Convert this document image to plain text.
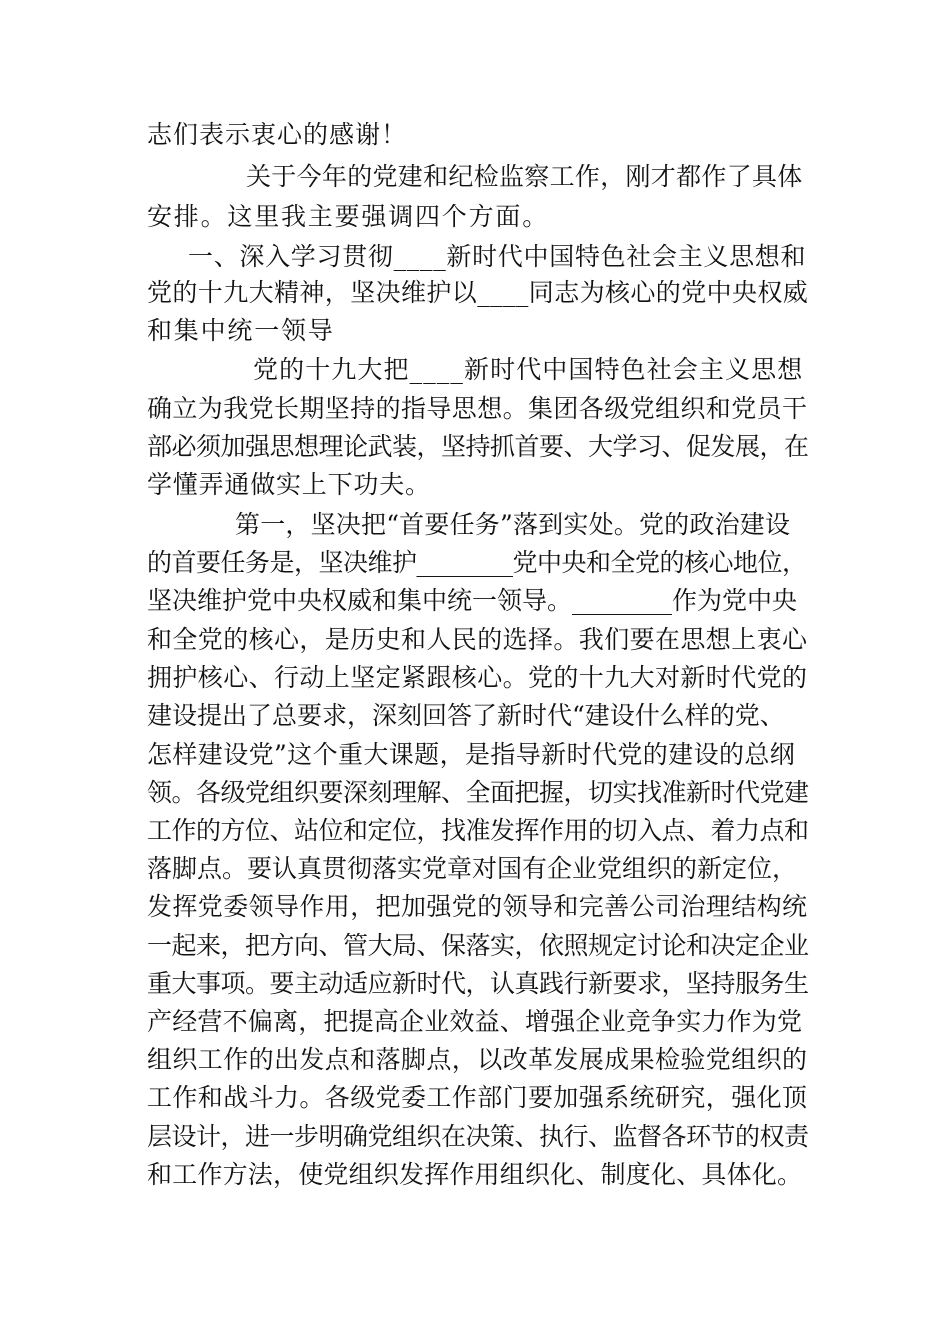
志们表示衷心的感谢！

关于今年的党建和纪检监察工作，刚才都作了具体

安排。这里我主要强调四个方面。

一、深入学习贯彻____新时代中国特色社会主义思想和

党的十九大精神，坚决维护以____同志为核心的党中央权威

和集中统一领导

党的十九大把____新时代中国特色社会主义思想

确立为我党长期坚持的指导思想。集团各级党组织和党员干

部必须加强思想理论武装，坚持抓首要、大学习、促发展，在

学懂弄通做实上下功夫。

第一，坚决把“首要任务”落到实处。党的政治建设

的首要任务是，坚决维护________党中央和全党的核心地位，

坚决维护党中央权威和集中统一领导。________作为党中央

和全党的核心，是历史和人民的选择。我们要在思想上衷心

拥护核心、行动上坚定紧跟核心。党的十九大对新时代党的

建设提出了总要求，深刻回答了新时代“建设什么样的党、

怎样建设党”这个重大课题，是指导新时代党的建设的总纲

领。各级党组织要深刻理解、全面把握，切实找准新时代党建

工作的方位、站位和定位，找准发挥作用的切入点、着力点和

落脚点。要认真贯彻落实党章对国有企业党组织的新定位，

发挥党委领导作用，把加强党的领导和完善公司治理结构统

一起来，把方向、管大局、保落实，依照规定讨论和决定企业

重大事项。要主动适应新时代，认真践行新要求，坚持服务生

产经营不偏离，把提高企业效益、增强企业竞争实力作为党

组织工作的出发点和落脚点，以改革发展成果检验党组织的

工作和战斗力。各级党委工作部门要加强系统研究，强化顶

层设计，进一步明确党组织在决策、执行、监督各环节的权责

和工作方法，使党组织发挥作用组织化、制度化、具体化。
